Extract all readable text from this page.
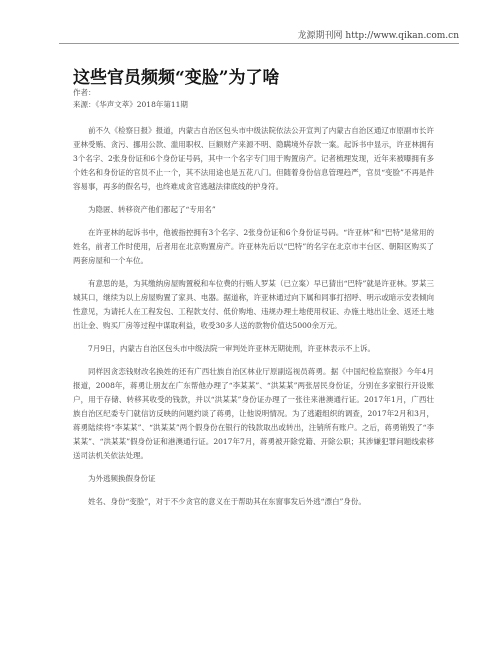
龙源期刊网 http://www.qikan.com.cn
这些官员频频“变脸”为了啥
作者：
来源：《华声文萃》2018年第11期

前不久《检察日报》报道，内蒙古自治区包头市中级法院依法公开宣判了内蒙古自治区通辽市原副市长许亚林受贿、贪污、挪用公款、滥用职权、巨额财产来源不明、隐瞒境外存款一案。起诉书中显示，许亚林拥有3个名字、2张身份证和6个身份证号码，其中一个名字专门用于购置房产。记者梳理发现，近年来被曝拥有多个姓名和身份证的官员不止一个，其不法用途也是五花八门。但随着身份信息管理趋严，官员“变脸”不再是件容易事，再多的假名号，也终难成贪官逃越法律底线的护身符。

为隐匿、转移资产他们都起了“专用名”

在许亚林的起诉书中，他被指控拥有3个名字、2张身份证和6个身份证号码。“许亚林”和“巴特”是常用的姓名，前者工作时使用，后者用在北京购置房产。许亚林先后以“巴特”的名字在北京市丰台区、朝阳区购买了两套房屋和一个车位。

有意思的是，为其缴纳房屋购置税和车位费的行贿人罗某（已立案）早已猜出“巴特”就是许亚林。罗某三城其口，继续为以上房屋购置了家具、电器。据道称，许亚林通过向下属和同事打招呼、明示或暗示安表倾向性意见，为请托人在工程发包、工程款支付、低价购地、违规办理土地使用权证、办施土地出让金、返还土地出让金、购买厂房等过程中谋取利益，收受30多人送的款物价值达5000余万元。

7月9日，内蒙古自治区包头市中级法院一审判处许亚林无期徒刑，许亚林表示不上诉。

同样因贪恋钱财改名换姓的还有广西壮族自治区林业厅原副巡视员蒋勇。据《中国纪检监察报》今年4月报道，2008年，蒋勇让朋友在广东帮他办理了“李某某”、“洪某某”两张居民身份证，分别在多家银行开设账户，用于存储、转移其收受的钱款，并以“洪某某”身份证办理了一张往来港澳通行证。2017年1月，广西壮族自治区纪委专门就信访反映的问题约谈了蒋勇，让他说明情况。为了逃避组织的调查，2017年2月和3月，蒋勇陆续将“李某某”、“洪某某”两个假身份在银行的钱款取出或转出，注销所有账户。之后，蒋勇销毁了“李某某”、“洪某某”假身份证和港澳通行证。2017年7月，蒋勇被开除党籍、开除公职；其涉嫌犯罪问题线索移送司法机关依法处理。

为外逃频换假身份证

姓名、身份“变脸”，对于不少贪官的意义在于帮助其在东窗事发后外逃“漂白”身份。
